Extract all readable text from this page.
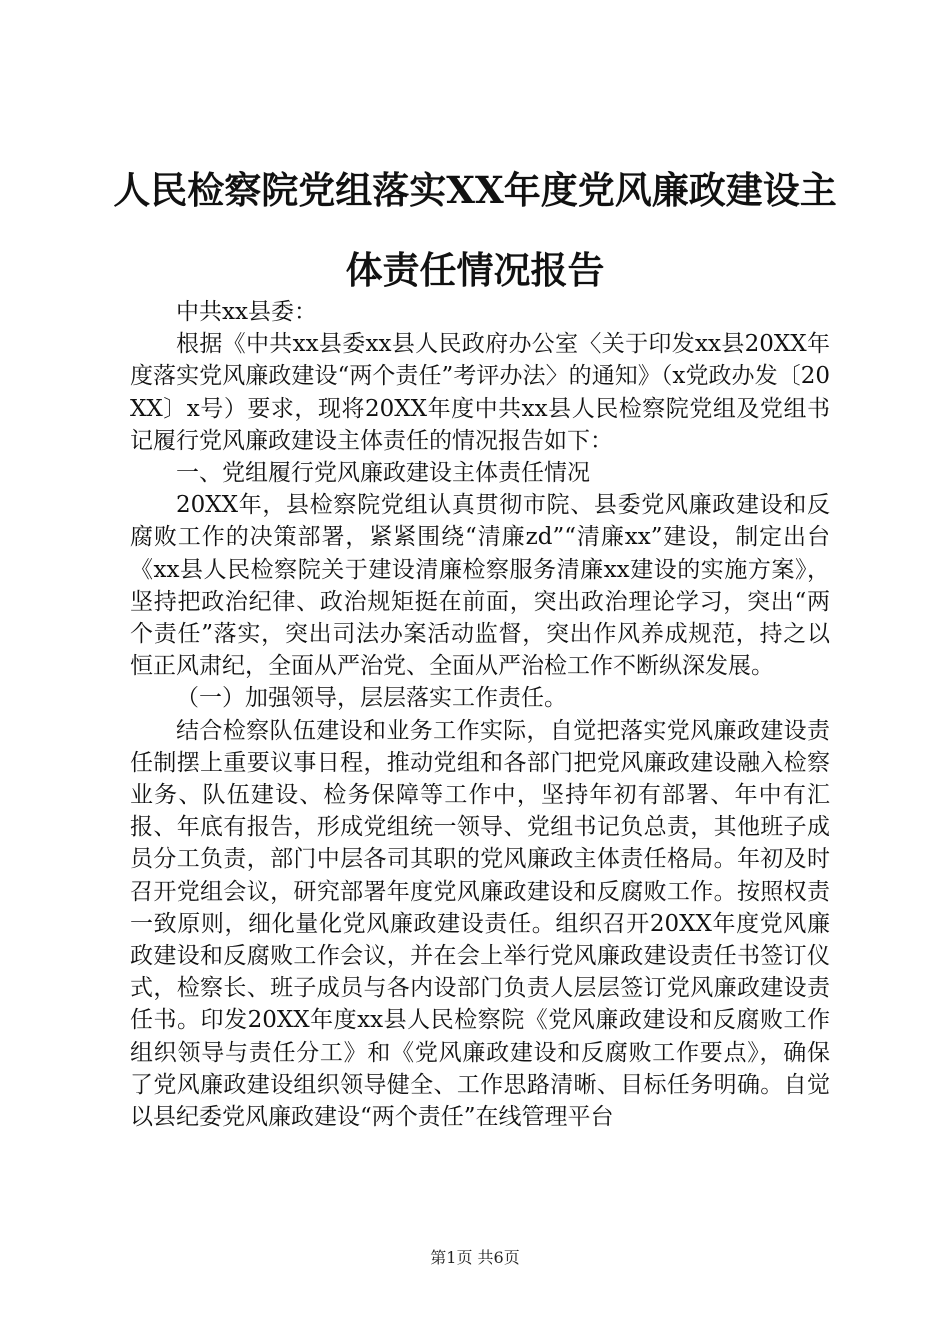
人民检察院党组落实XX年度党风廉政建设主体责任情况报告

中共xx县委：

根据《中共xx县委xx县人民政府办公室〈关于印发xx县20XX年度落实党风廉政建设“两个责任”考评办法〉的通知》（x党政办发〔20XX〕x号）要求，现将20XX年度中共xx县人民检察院党组及党组书记履行党风廉政建设主体责任的情况报告如下：

一、党组履行党风廉政建设主体责任情况

20XX年，县检察院党组认真贯彻市院、县委党风廉政建设和反腐败工作的决策部署，紧紧围绕“清廉zd”“清廉xx”建设，制定出台《xx县人民检察院关于建设清廉检察服务清廉xx建设的实施方案》，坚持把政治纪律、政治规矩挺在前面，突出政治理论学习，突出“两个责任”落实，突出司法办案活动监督，突出作风养成规范，持之以恒正风肃纪，全面从严治党、全面从严治检工作不断纵深发展。

（一）加强领导，层层落实工作责任。

结合检察队伍建设和业务工作实际，自觉把落实党风廉政建设责任制摆上重要议事日程，推动党组和各部门把党风廉政建设融入检察业务、队伍建设、检务保障等工作中，坚持年初有部署、年中有汇报、年底有报告，形成党组统一领导、党组书记负总责，其他班子成员分工负责，部门中层各司其职的党风廉政主体责任格局。年初及时召开党组会议，研究部署年度党风廉政建设和反腐败工作。按照权责一致原则，细化量化党风廉政建设责任。组织召开20XX年度党风廉政建设和反腐败工作会议，并在会上举行党风廉政建设责任书签订仪式，检察长、班子成员与各内设部门负责人层层签订党风廉政建设责任书。印发20XX年度xx县人民检察院《党风廉政建设和反腐败工作组织领导与责任分工》和《党风廉政建设和反腐败工作要点》，确保了党风廉政建设组织领导健全、工作思路清晰、目标任务明确。自觉以县纪委党风廉政建设“两个责任”在线管理平台

第1页 共6页
